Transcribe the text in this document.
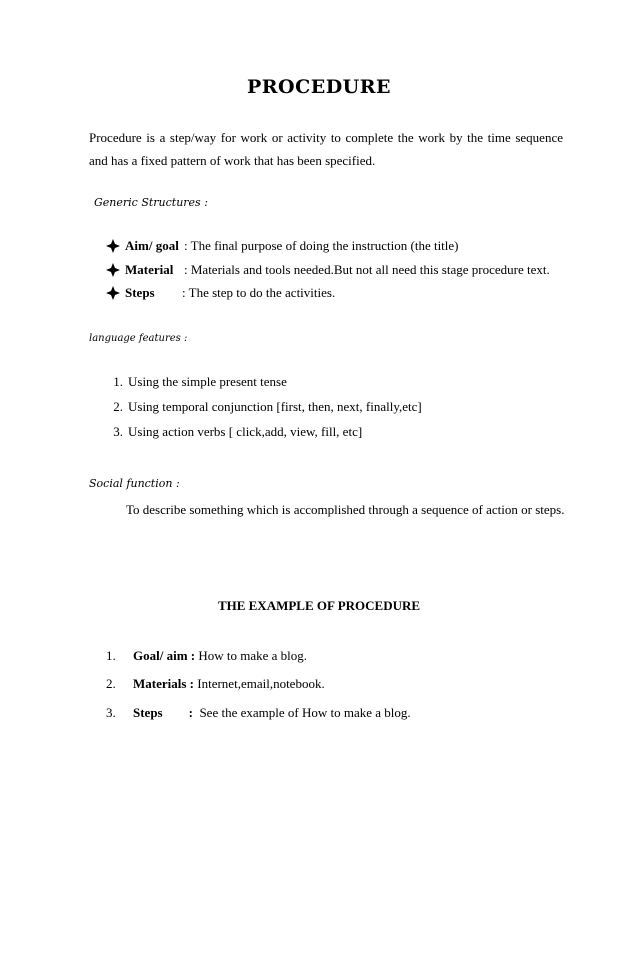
PROCEDURE
Procedure is a step/way for work or activity to complete the work by the time sequence and has a fixed pattern of work that has been specified.
Generic Structures :
Aim/ goal : The final purpose of doing the instruction (the title)
Material : Materials and tools needed.But not all need this stage procedure text.
Steps : The step to do the activities.
language features :
1. Using the simple present tense
2. Using temporal conjunction [first, then, next, finally,etc]
3. Using action verbs [ click,add, view, fill, etc]
Social function :
To describe something which is accomplished through a sequence of action or steps.
THE EXAMPLE OF PROCEDURE
1. Goal/ aim : How to make a blog.
2. Materials : Internet,email,notebook.
3. Steps        :  See the example of How to make a blog.
